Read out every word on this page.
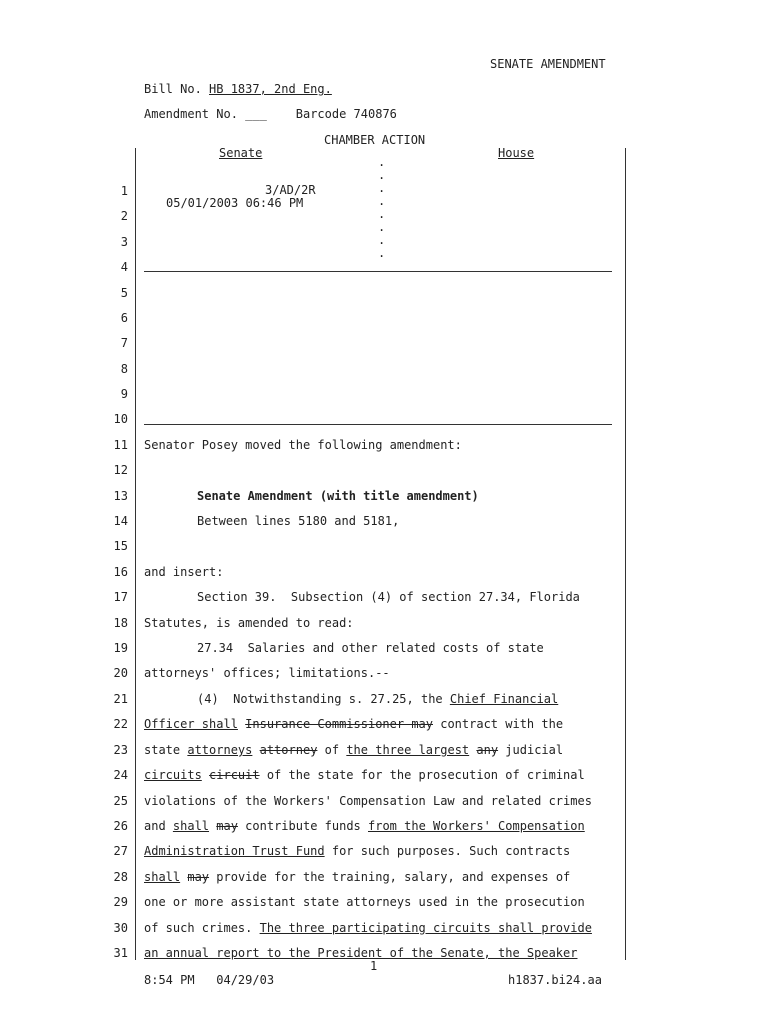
SENATE AMENDMENT
Bill No. HB 1837, 2nd Eng.
Amendment No. ___ Barcode 740876
CHAMBER ACTION
Senate	House
3/AD/2R
05/01/2003 06:46 PM
.
.
.
.
.
.
.
.
1
2
3
4
5
6
7
8
9
10
11
12
13
14
15
16
17
18
19
20
21
22
23
24
25
26
27
28
29
30
31
Senator Posey moved the following amendment:
Senate Amendment (with title amendment)
Between lines 5180 and 5181,
and insert:
Section 39.  Subsection (4) of section 27.34, Florida
Statutes, is amended to read:
27.34  Salaries and other related costs of state
attorneys' offices; limitations.--
(4)  Notwithstanding s. 27.25, the Chief Financial
Officer shall Insurance Commissioner may contract with the
state attorneys attorney of the three largest any judicial
circuits circuit of the state for the prosecution of criminal
violations of the Workers' Compensation Law and related crimes
and shall may contribute funds from the Workers' Compensation
Administration Trust Fund for such purposes. Such contracts
shall may provide for the training, salary, and expenses of
one or more assistant state attorneys used in the prosecution
of such crimes. The three participating circuits shall provide
an annual report to the President of the Senate, the Speaker
1
8:54 PM   04/29/03	h1837.bi24.aa
